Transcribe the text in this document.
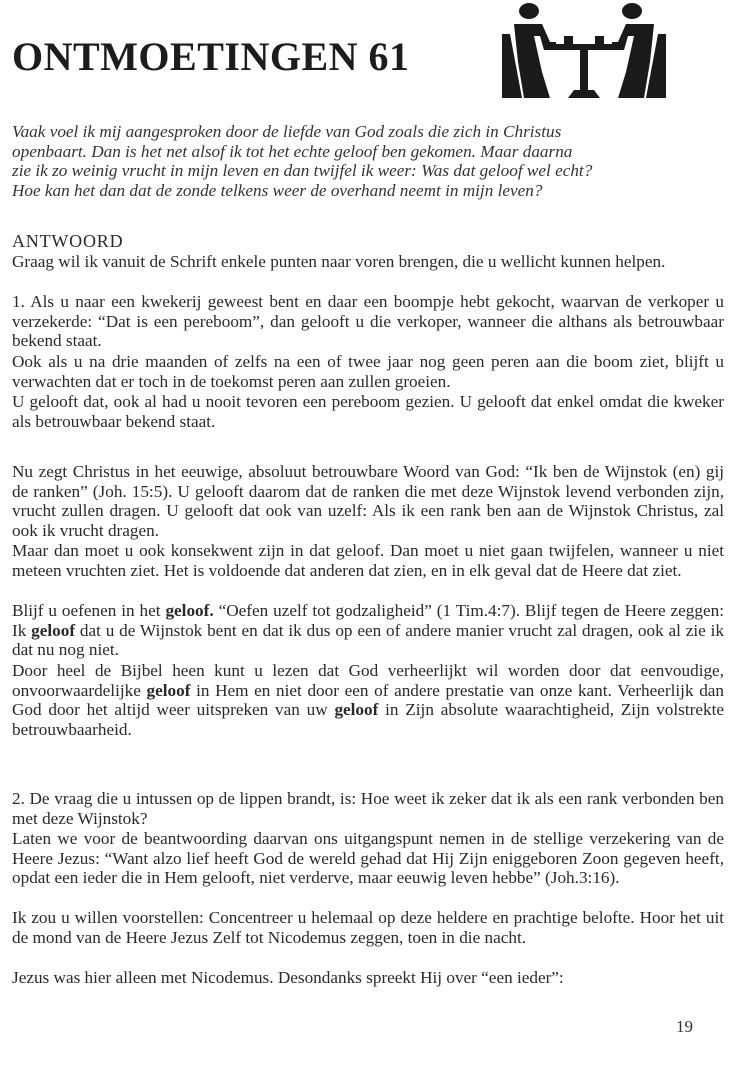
ONTMOETINGEN 61
Vaak voel ik mij aangesproken door de liefde van God zoals die zich in Christus
openbaart. Dan is het net alsof ik tot het echte geloof ben gekomen. Maar daarna
zie ik zo weinig vrucht in mijn leven en dan twijfel ik weer: Was dat geloof wel echt?
Hoe kan het dan dat de zonde telkens weer de overhand neemt in mijn leven?
ANTWOORD
Graag wil ik vanuit de Schrift enkele punten naar voren brengen, die u wellicht kunnen helpen.
1. Als u naar een kwekerij geweest bent en daar een boompje hebt gekocht, waarvan de verkoper u verzekerde: “Dat is een pereboom”, dan gelooft u die verkoper, wanneer die althans als betrouwbaar bekend staat.
Ook als u na drie maanden of zelfs na een of twee jaar nog geen peren aan die boom ziet, blijft u verwachten dat er toch in de toekomst peren aan zullen groeien.
U gelooft dat, ook al had u nooit tevoren een pereboom gezien. U gelooft dat enkel omdat die kweker als betrouwbaar bekend staat.
Nu zegt Christus in het eeuwige, absoluut betrouwbare Woord van God: “Ik ben de Wijnstok (en) gij de ranken” (Joh. 15:5). U gelooft daarom dat de ranken die met deze Wijnstok levend verbonden zijn, vrucht zullen dragen. U gelooft dat ook van uzelf: Als ik een rank ben aan de Wijnstok Christus, zal ook ik vrucht dragen.
Maar dan moet u ook konsekwent zijn in dat geloof. Dan moet u niet gaan twijfelen, wanneer u niet meteen vruchten ziet. Het is voldoende dat anderen dat zien, en in elk geval dat de Heere dat ziet.
Blijf u oefenen in het geloof. “Oefen uzelf tot godzaligheid” (1 Tim.4:7). Blijf tegen de Heere zeggen: Ik geloof dat u de Wijnstok bent en dat ik dus op een of andere manier vrucht zal dragen, ook al zie ik dat nu nog niet.
Door heel de Bijbel heen kunt u lezen dat God verheerlijkt wil worden door dat eenvoudige, onvoorwaardelijke geloof in Hem en niet door een of andere prestatie van onze kant. Verheerlijk dan God door het altijd weer uitspreken van uw geloof in Zijn absolute waarachtigheid, Zijn volstrekte betrouwbaarheid.
2. De vraag die u intussen op de lippen brandt, is: Hoe weet ik zeker dat ik als een rank verbonden ben met deze Wijnstok?
Laten we voor de beantwoording daarvan ons uitgangspunt nemen in de stellige verzekering van de Heere Jezus: “Want alzo lief heeft God de wereld gehad dat Hij Zijn eniggeboren Zoon gegeven heeft, opdat een ieder die in Hem gelooft, niet verderve, maar eeuwig leven hebbe” (Joh.3:16).
Ik zou u willen voorstellen: Concentreer u helemaal op deze heldere en prachtige belofte. Hoor het uit de mond van de Heere Jezus Zelf tot Nicodemus zeggen, toen in die nacht.
Jezus was hier alleen met Nicodemus. Desondanks spreekt Hij over “een ieder”:
19
